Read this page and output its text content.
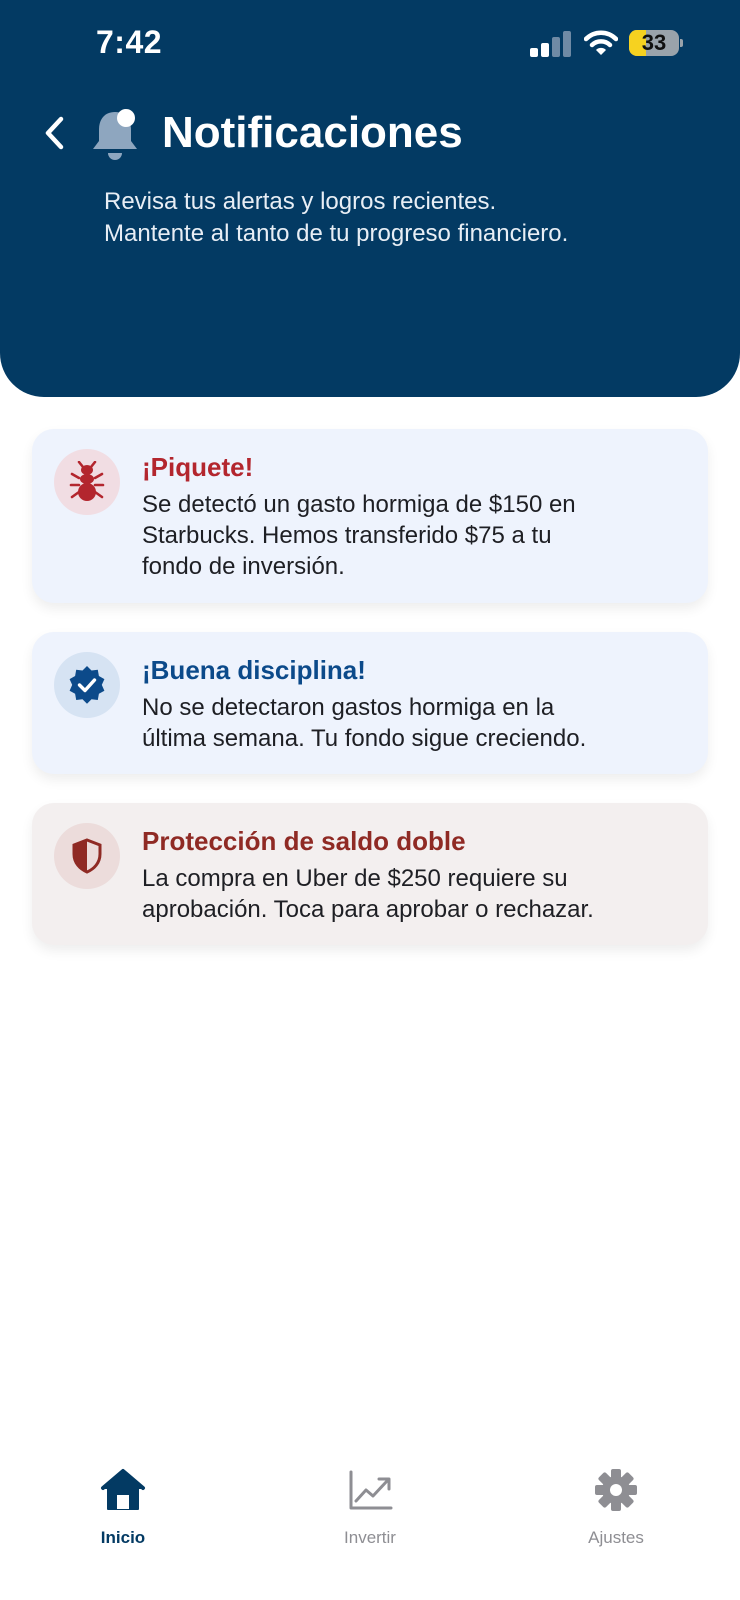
7:42	33
Notificaciones
Revisa tus alertas y logros recientes.
Mantente al tanto de tu progreso financiero.
¡Piquete!
Se detectó un gasto hormiga de $150 en
Starbucks. Hemos transferido $75 a tu
fondo de inversión.
¡Buena disciplina!
No se detectaron gastos hormiga en la
última semana. Tu fondo sigue creciendo.
Protección de saldo doble
La compra en Uber de $250 requiere su
aprobación. Toca para aprobar o rechazar.
Inicio	Invertir	Ajustes
